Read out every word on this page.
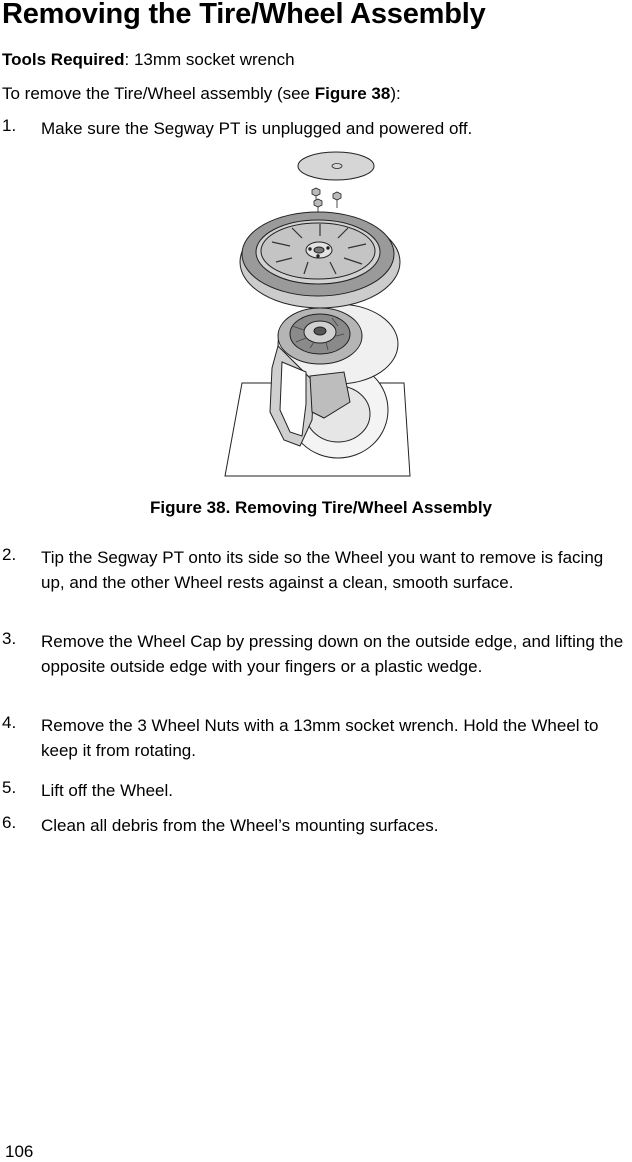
Removing the Tire/Wheel Assembly
Tools Required: 13mm socket wrench
To remove the Tire/Wheel assembly (see Figure 38):
1.	Make sure the Segway PT is unplugged and powered off.
Figure 38. Removing Tire/Wheel Assembly
2.	Tip the Segway PT onto its side so the Wheel you want to remove is facing up, and the other Wheel rests against a clean, smooth surface.
3.	Remove the Wheel Cap by pressing down on the outside edge, and lifting the opposite outside edge with your fingers or a plastic wedge.
4.	Remove the 3 Wheel Nuts with a 13mm socket wrench. Hold the Wheel to keep it from rotating.
5.	Lift off the Wheel.
6.	Clean all debris from the Wheel’s mounting surfaces.
106
